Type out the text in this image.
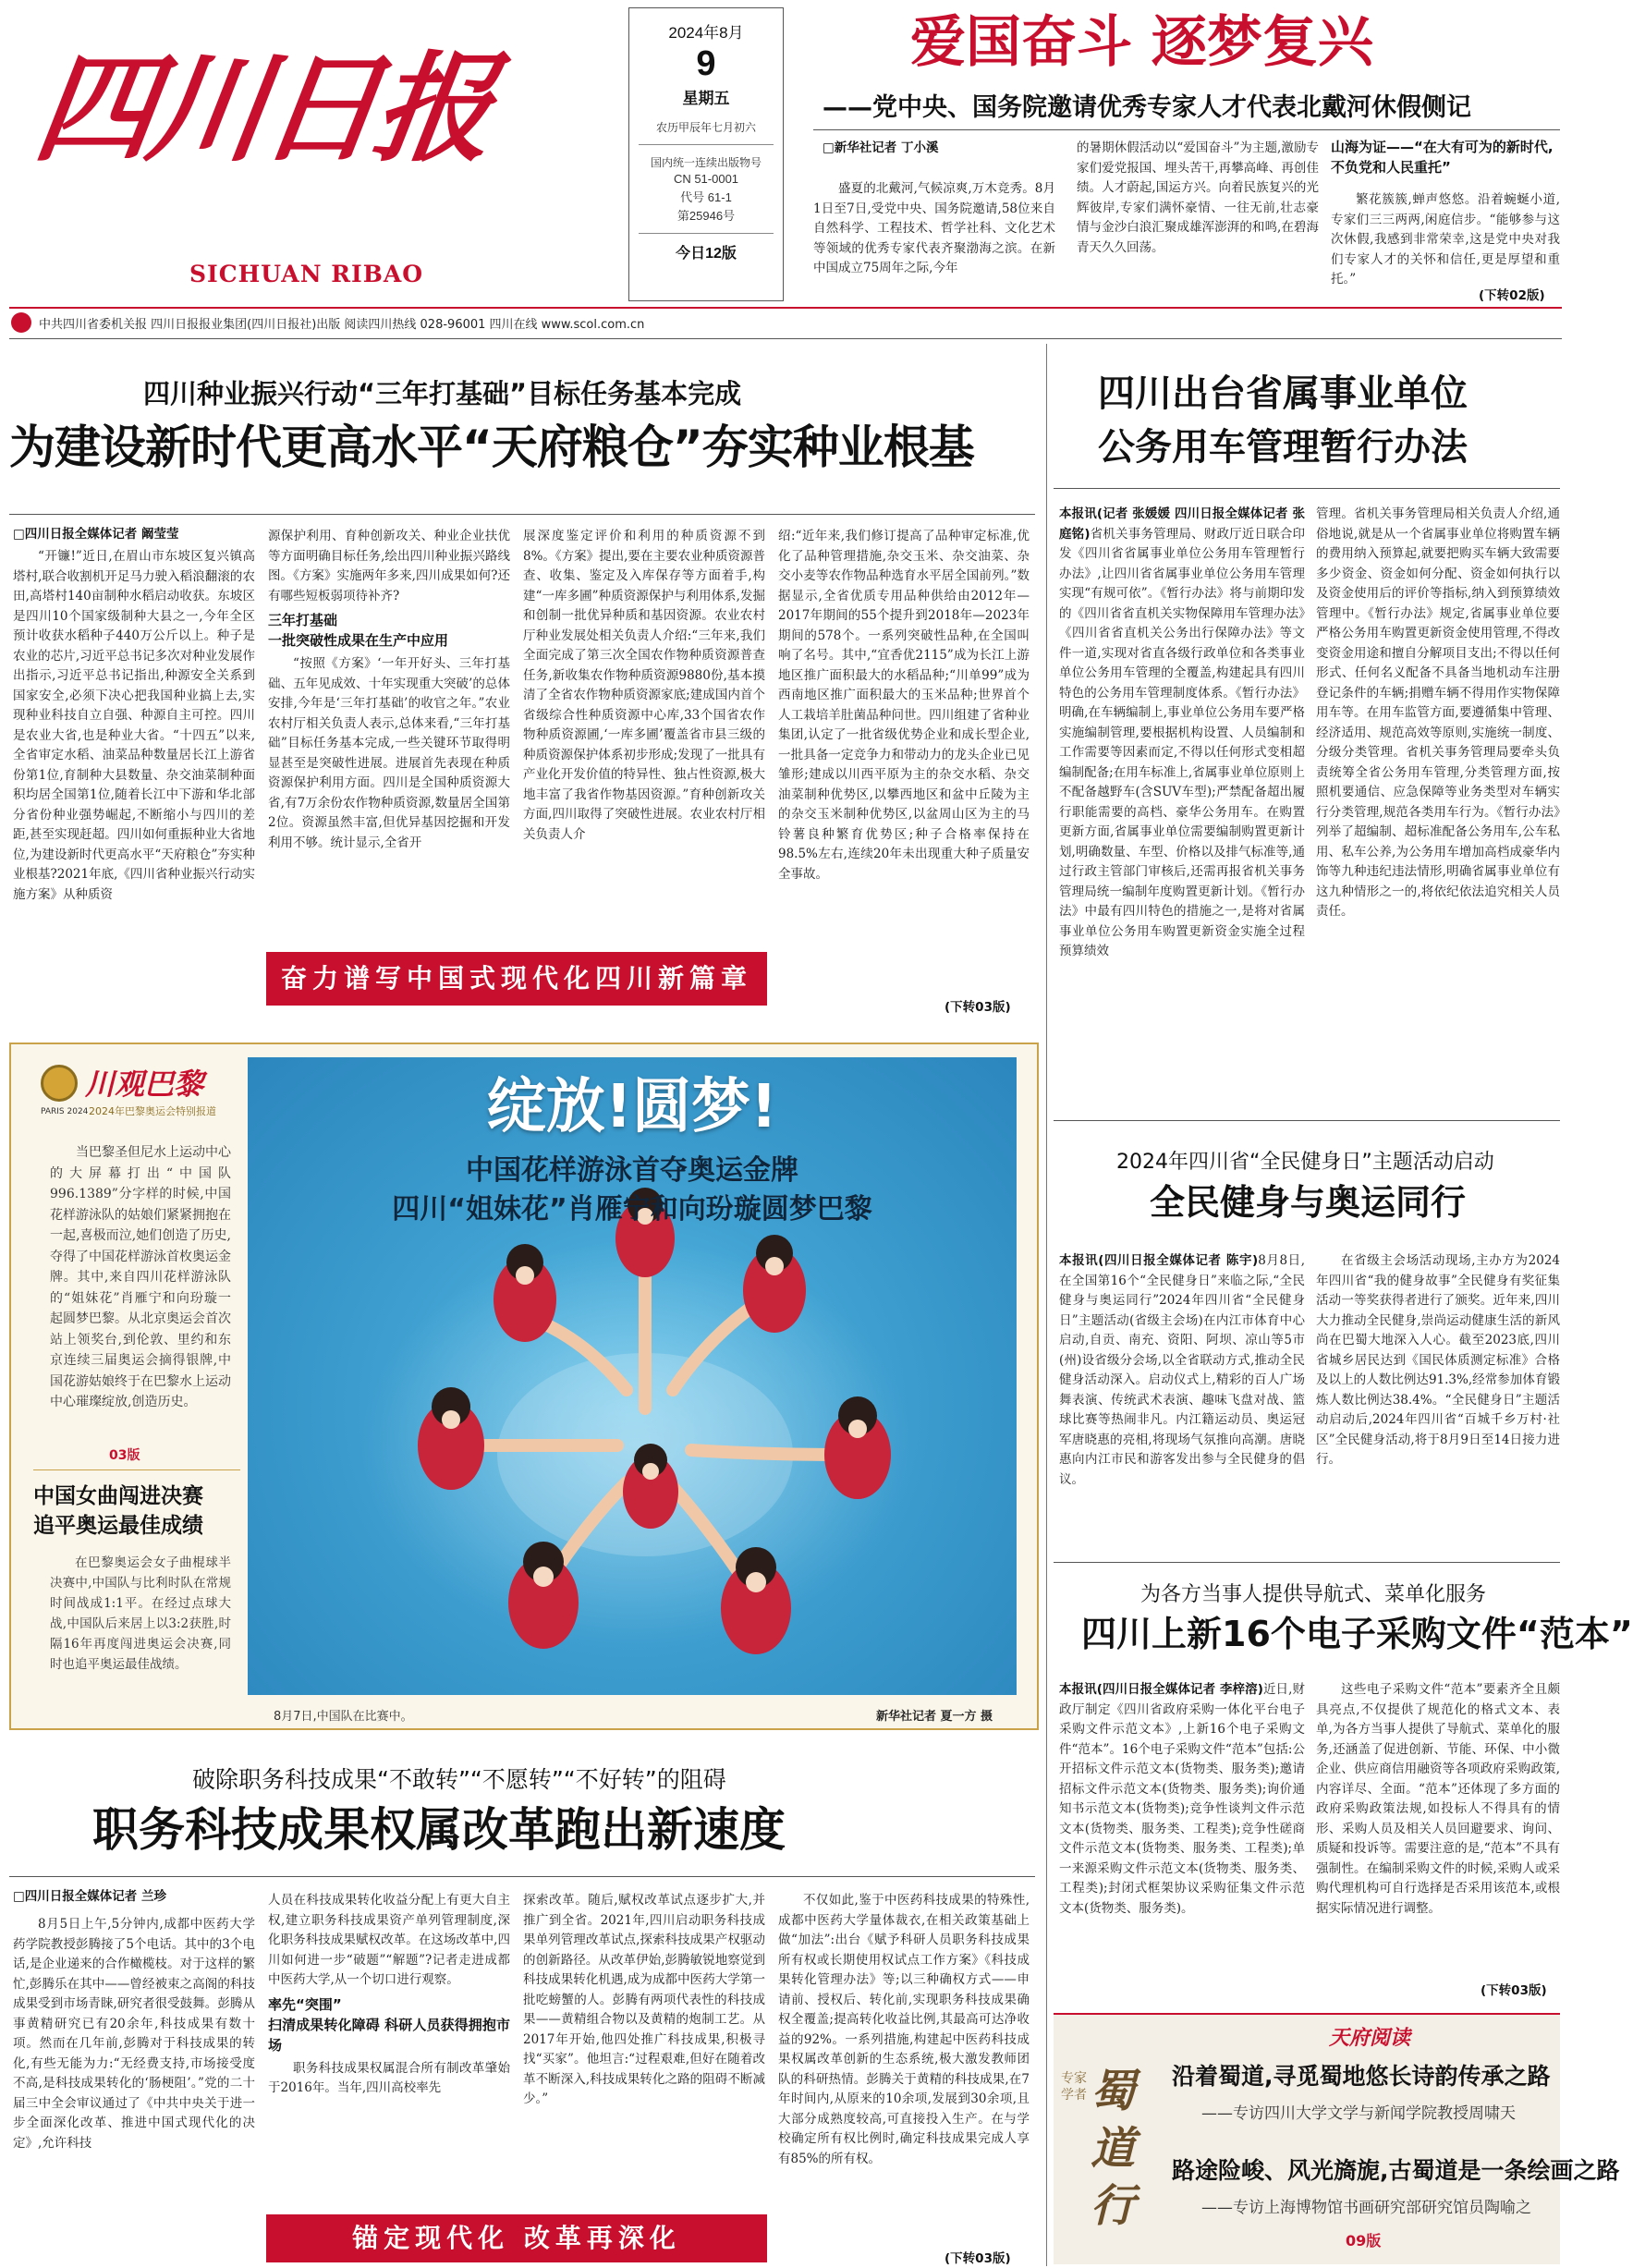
四川日报
SICHUAN RIBAO
2024年8月
9
星期五
农历甲辰年七月初六
国内统一连续出版物号
CN 51-0001
代号 61-1
第25946号
今日12版
爱国奋斗 逐梦复兴
——党中央、国务院邀请优秀专家人才代表北戴河休假侧记
□新华社记者 丁小溪

盛夏的北戴河,气候凉爽,万木竞秀。8月1日至7日,受党中央、国务院邀请,58位来自自然科学、工程技术、哲学社科、文化艺术等领域的优秀专家代表齐聚渤海之滨。在新中国成立75周年之际,今年

的暑期休假活动以“爱国奋斗”为主题,激励专家们爱党报国、埋头苦干,再攀高峰、再创佳绩。人才蔚起,国运方兴。向着民族复兴的光辉彼岸,专家们满怀豪情、一往无前,壮志豪情与金沙白浪汇聚成雄浑澎湃的和鸣,在碧海青天久久回荡。

山海为证——“在大有可为的新时代,不负党和人民重托”

繁花簇簇,蝉声悠悠。沿着蜿蜒小道,专家们三三两两,闲庭信步。“能够参与这次休假,我感到非常荣幸,这是党中央对我们专家人才的关怀和信任,更是厚望和重托。”

(下转02版)
中共四川省委机关报 四川日报报业集团(四川日报社)出版 阅读四川热线 028-96001 四川在线 www.scol.com.cn
四川种业振兴行动“三年打基础”目标任务基本完成
为建设新时代更高水平“天府粮仓”夯实种业根基
□四川日报全媒体记者 阚莹莹

“开镰!”近日,在眉山市东坡区复兴镇高塔村,联合收割机开足马力驶入稻浪翻滚的农田,高塔村140亩制种水稻启动收获。东坡区是四川10个国家级制种大县之一,今年全区预计收获水稻种子440万公斤以上。种子是农业的芯片,习近平总书记多次对种业发展作出指示,习近平总书记指出,种源安全关系到国家安全,必须下决心把我国种业搞上去,实现种业科技自立自强、种源自主可控。四川是农业大省,也是种业大省。“十四五”以来,全省审定水稻、油菜品种数量居长江上游省份第1位,育制种大县数量、杂交油菜制种面积均居全国第1位,随着长江中下游和华北部分省份种业强势崛起,不断缩小与四川的差距,甚至实现赶超。四川如何重振种业大省地位,为建设新时代更高水平“天府粮仓”夯实种业根基?2021年底,《四川省种业振兴行动实施方案》从种质资

源保护利用、育种创新攻关、种业企业扶优等方面明确目标任务,绘出四川种业振兴路线图。《方案》实施两年多来,四川成果如何?还有哪些短板弱项待补齐?

三年打基础

一批突破性成果在生产中应用

“按照《方案》‘一年开好头、三年打基础、五年见成效、十年实现重大突破’的总体安排,今年是‘三年打基础’的收官之年。”农业农村厅相关负责人表示,总体来看,“三年打基础”目标任务基本完成,一些关键环节取得明显甚至是突破性进展。进展首先表现在种质资源保护利用方面。四川是全国种质资源大省,有7万余份农作物种质资源,数量居全国第2位。资源虽然丰富,但优异基因挖掘和开发利用不够。统计显示,全省开

展深度鉴定评价和利用的种质资源不到8%。《方案》提出,要在主要农业种质资源普查、收集、鉴定及入库保存等方面着手,构建“一库多圃”种质资源保护与利用体系,发掘和创制一批优异种质和基因资源。农业农村厅种业发展处相关负责人介绍:“三年来,我们全面完成了第三次全国农作物种质资源普查任务,新收集农作物种质资源9880份,基本摸清了全省农作物种质资源家底;建成国内首个省级综合性种质资源中心库,33个国省农作物种质资源圃,‘一库多圃’覆盖省市县三级的种质资源保护体系初步形成;发现了一批具有产业化开发价值的特异性、独占性资源,极大地丰富了我省作物基因资源。”育种创新攻关方面,四川取得了突破性进展。农业农村厅相关负责人介

绍:“近年来,我们修订提高了品种审定标准,优化了品种管理措施,杂交玉米、杂交油菜、杂交小麦等农作物品种选育水平居全国前列。”数据显示,全省优质专用品种供给由2012年—2017年期间的55个提升到2018年—2023年期间的578个。一系列突破性品种,在全国叫响了名号。其中,“宜香优2115”成为长江上游地区推广面积最大的水稻品种;“川单99”成为西南地区推广面积最大的玉米品种;世界首个人工栽培羊肚菌品种问世。四川组建了省种业集团,认定了一批省级优势企业和成长型企业,一批具备一定竞争力和带动力的龙头企业已见雏形;建成以川西平原为主的杂交水稻、杂交油菜制种优势区,以攀西地区和盆中丘陵为主的杂交玉米制种优势区,以盆周山区为主的马铃薯良种繁育优势区;种子合格率保持在98.5%左右,连续20年未出现重大种子质量安全事故。

(下转03版)
奋力谱写中国式现代化四川新篇章
四川出台省属事业单位
公务用车管理暂行办法

本报讯(记者 张媛媛 四川日报全媒体记者 张庭铭)省机关事务管理局、财政厅近日联合印发《四川省省属事业单位公务用车管理暂行办法》,让四川省省属事业单位公务用车管理实现“有规可依”。《暂行办法》将与前期印发的《四川省省直机关实物保障用车管理办法》《四川省省直机关公务出行保障办法》等文件一道,实现对省直各级行政单位和各类事业单位公务用车管理的全覆盖,构建起具有四川特色的公务用车管理制度体系。《暂行办法》明确,在车辆编制上,事业单位公务用车要严格实施编制管理,要根据机构设置、人员编制和工作需要等因素而定,不得以任何形式变相超编制配备;在用车标准上,省属事业单位原则上不配备越野车(含SUV车型);严禁配备超出履行职能需要的高档、豪华公务用车。在购置更新方面,省属事业单位需要编制购置更新计划,明确数量、车型、价格以及排气标准等,通过行政主管部门审核后,还需再报省机关事务管理局统一编制年度购置更新计划。《暂行办法》中最有四川特色的措施之一,是将对省属事业单位公务用车购置更新资金实施全过程预算绩效

管理。省机关事务管理局相关负责人介绍,通俗地说,就是从一个省属事业单位将购置车辆的费用纳入预算起,就要把购买车辆大致需要多少资金、资金如何分配、资金如何执行以及资金使用后的评价等指标,纳入到预算绩效管理中。《暂行办法》规定,省属事业单位要严格公务用车购置更新资金使用管理,不得改变资金用途和擅自分解项目支出;不得以任何形式、任何名义配备不具备当地机动车注册登记条件的车辆;捐赠车辆不得用作实物保障用车等。在用车监管方面,要遵循集中管理、经济适用、规范高效等原则,实施统一制度、分级分类管理。省机关事务管理局要牵头负责统筹全省公务用车管理,分类管理方面,按照机要通信、应急保障等业务类型对车辆实行分类管理,规范各类用车行为。《暂行办法》列举了超编制、超标准配备公务用车,公车私用、私车公养,为公务用车增加高档成豪华内饰等九种违纪违法情形,明确省属事业单位有这九种情形之一的,将依纪依法追究相关人员责任。

2024年四川省“全民健身日”主题活动启动
全民健身与奥运同行

本报讯(四川日报全媒体记者 陈宇)8月8日,在全国第16个“全民健身日”来临之际,“全民健身与奥运同行”2024年四川省“全民健身日”主题活动(省级主会场)在内江市体育中心启动,自贡、南充、资阳、阿坝、凉山等5市(州)设省级分会场,以全省联动方式,推动全民健身活动深入。启动仪式上,精彩的百人广场舞表演、传统武术表演、趣味飞盘对战、篮球比赛等热闹非凡。内江籍运动员、奥运冠军唐晓惠的亮相,将现场气氛推向高潮。唐晓惠向内江市民和游客发出参与全民健身的倡议。

在省级主会场活动现场,主办方为2024年四川省“我的健身故事”全民健身有奖征集活动一等奖获得者进行了颁奖。近年来,四川大力推动全民健身,崇尚运动健康生活的新风尚在巴蜀大地深入人心。截至2023底,四川省城乡居民达到《国民体质测定标准》合格及以上的人数比例达91.3%,经常参加体育锻炼人数比例达38.4%。“全民健身日”主题活动启动后,2024年四川省“百城千乡万村·社区”全民健身活动,将于8月9日至14日接力进行。

为各方当事人提供导航式、菜单化服务
四川上新16个电子采购文件“范本”

本报讯(四川日报全媒体记者 李梓溶)近日,财政厅制定《四川省政府采购一体化平台电子采购文件示范文本》,上新16个电子采购文件“范本”。16个电子采购文件“范本”包括:公开招标文件示范文本(货物类、服务类);邀请招标文件示范文本(货物类、服务类);询价通知书示范文本(货物类);竞争性谈判文件示范文本(货物类、服务类、工程类);竞争性磋商文件示范文本(货物类、服务类、工程类);单一来源采购文件示范文本(货物类、服务类、工程类);封闭式框架协议采购征集文件示范文本(货物类、服务类)。

这些电子采购文件“范本”要素齐全且颇具亮点,不仅提供了规范化的格式文本、表单,为各方当事人提供了导航式、菜单化的服务,还涵盖了促进创新、节能、环保、中小微企业、供应商信用融资等各项政府采购政策,内容详尽、全面。“范本”还体现了多方面的政府采购政策法规,如投标人不得具有的情形、采购人员及相关人员回避要求、询问、质疑和投诉等。需要注意的是,“范本”不具有强制性。在编制采购文件的时候,采购人或采购代理机构可自行选择是否采用该范本,或根据实际情况进行调整。

(下转03版)
天府阅读
专家学者 蜀道行
沿着蜀道,寻觅蜀地悠长诗韵传承之路
——专访四川大学文学与新闻学院教授周啸天
路途险峻、风光旖旎,古蜀道是一条绘画之路
——专访上海博物馆书画研究部研究馆员陶喻之
09版
PARIS 2024
川观巴黎
2024年巴黎奥运会特别报道

当巴黎圣但尼水上运动中心的大屏幕打出“中国队996.1389”分字样的时候,中国花样游泳队的姑娘们紧紧拥抱在一起,喜极而泣,她们创造了历史,夺得了中国花样游泳首枚奥运金牌。其中,来自四川花样游泳队的“姐妹花”肖雁宁和向玢璇一起圆梦巴黎。从北京奥运会首次站上领奖台,到伦敦、里约和东京连续三届奥运会摘得银牌,中国花游姑娘终于在巴黎水上运动中心璀璨绽放,创造历史。

03版
中国女曲闯进决赛
追平奥运最佳成绩

在巴黎奥运会女子曲棍球半决赛中,中国队与比利时队在常规时间战成1:1平。在经过点球大战,中国队后来居上以3:2获胜,时隔16年再度闯进奥运会决赛,同时也追平奥运最佳战绩。

绽放!圆梦!
中国花样游泳首夺奥运金牌
四川“姐妹花”肖雁宁和向玢璇圆梦巴黎
8月7日,中国队在比赛中。	新华社记者 夏一方 摄
破除职务科技成果“不敢转”“不愿转”“不好转”的阻碍
职务科技成果权属改革跑出新速度
□四川日报全媒体记者 兰珍

8月5日上午,5分钟内,成都中医药大学药学院教授彭腾接了5个电话。其中的3个电话,是企业递来的合作橄榄枝。对于这样的繁忙,彭腾乐在其中——曾经被束之高阁的科技成果受到市场青睐,研究者很受鼓舞。彭腾从事黄精研究已有20余年,科技成果有数十项。然而在几年前,彭腾对于科技成果的转化,有些无能为力:“无经费支持,市场接受度不高,是科技成果转化的‘肠梗阻’。”党的二十届三中全会审议通过了《中共中央关于进一步全面深化改革、推进中国式现代化的决定》,允许科技

人员在科技成果转化收益分配上有更大自主权,建立职务科技成果资产单列管理制度,深化职务科技成果赋权改革。在这场改革中,四川如何进一步“破题”“解题”?记者走进成都中医药大学,从一个切口进行观察。

率先“突围”

扫清成果转化障碍 科研人员获得拥抱市场

职务科技成果权属混合所有制改革肇始于2016年。当年,四川高校率先

探索改革。随后,赋权改革试点逐步扩大,并推广到全省。2021年,四川启动职务科技成果单列管理改革试点,探索科技成果产权驱动的创新路径。从改革伊始,彭腾敏锐地察觉到科技成果转化机遇,成为成都中医药大学第一批吃螃蟹的人。彭腾有两项代表性的科技成果——黄精组合物以及黄精的炮制工艺。从2017年开始,他四处推广科技成果,积极寻找“买家”。他坦言:“过程艰难,但好在随着改革不断深入,科技成果转化之路的阻碍不断减少。”

不仅如此,鉴于中医药科技成果的特殊性,成都中医药大学量体裁衣,在相关政策基础上做“加法”:出台《赋予科研人员职务科技成果所有权或长期使用权试点工作方案》《科技成果转化管理办法》等;以三种确权方式——申请前、授权后、转化前,实现职务科技成果确权全覆盖;提高转化收益比例,其最高可达净收益的92%。一系列措施,构建起中医药科技成果权属改革创新的生态系统,极大激发教师团队的科研热情。彭腾关于黄精的科技成果,在7年时间内,从原来的10余项,发展到30余项,且大部分成熟度较高,可直接投入生产。在与学校确定所有权比例时,确定科技成果完成人享有85%的所有权。

(下转03版)
锚定现代化 改革再深化
